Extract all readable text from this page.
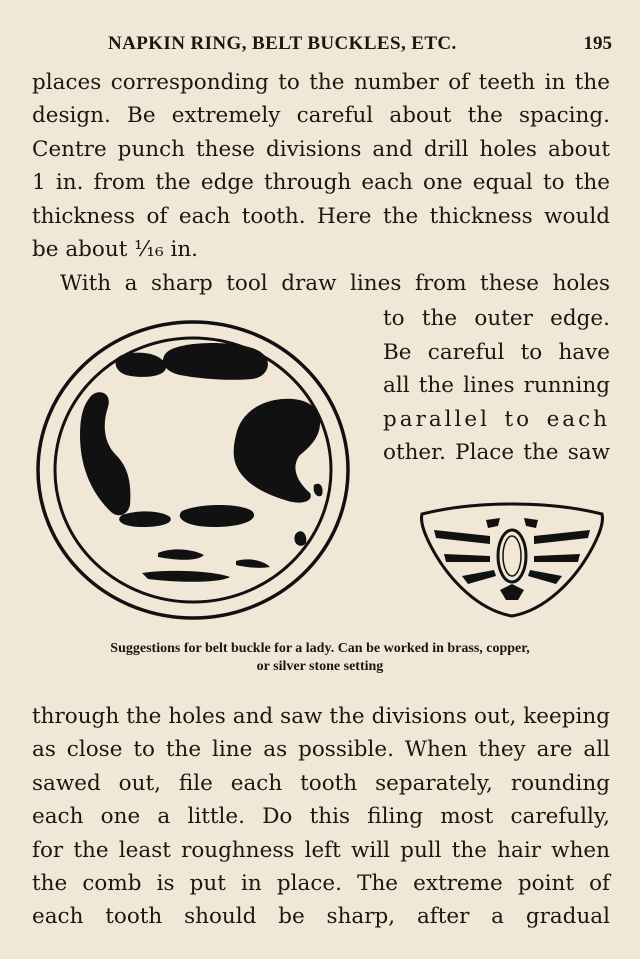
NAPKIN RING, BELT BUCKLES, ETC.	195
places corresponding to the number of teeth in the
design. Be extremely careful about the spacing.
Centre punch these divisions and drill holes about
1 in. from the edge through each one equal to the
thickness of each tooth. Here the thickness would
be about ¹⁄₁₆ in.
With a sharp tool draw lines from these holes
to the outer edge.
Be careful to have
all the lines running
parallel to each
other. Place the saw
Suggestions for belt buckle for a lady. Can be worked in brass, copper,
or silver stone setting
through the holes and saw the divisions out, keeping
as close to the line as possible. When they are all
sawed out, file each tooth separately, rounding
each one a little. Do this filing most carefully,
for the least roughness left will pull the hair when
the comb is put in place. The extreme point of
each tooth should be sharp, after a gradual
